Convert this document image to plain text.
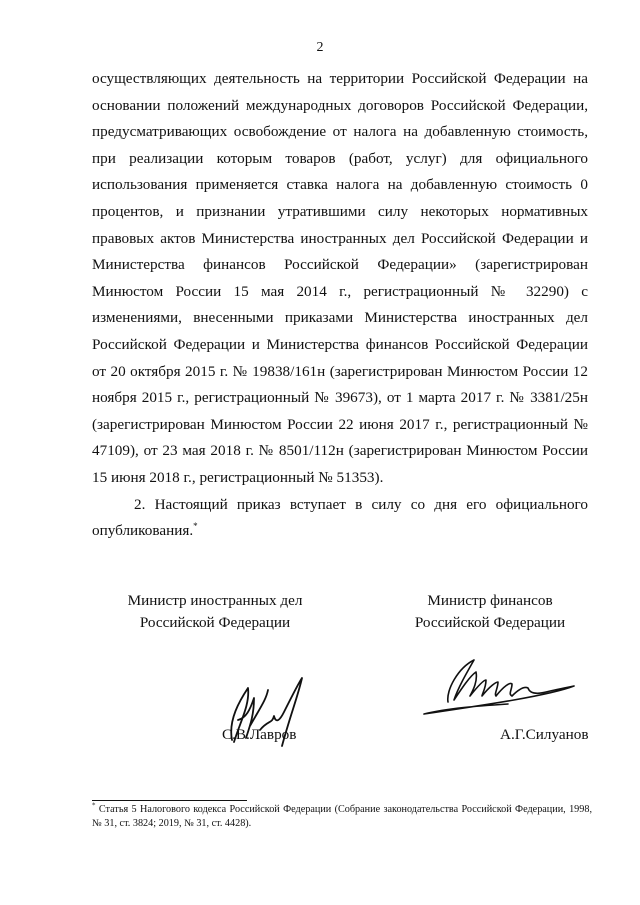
2

осуществляющих деятельность на территории Российской Федерации на основании положений международных договоров Российской Федерации, предусматривающих освобождение от налога на добавленную стоимость, при реализации которым товаров (работ, услуг) для официального использования применяется ставка налога на добавленную стоимость 0 процентов, и признании утратившими силу некоторых нормативных правовых актов Министерства иностранных дел Российской Федерации и Министерства финансов Российской Федерации» (зарегистрирован Минюстом России 15 мая 2014 г., регистрационный № 32290) с изменениями, внесенными приказами Министерства иностранных дел Российской Федерации и Министерства финансов Российской Федерации от 20 октября 2015 г. № 19838/161н (зарегистрирован Минюстом России 12 ноября 2015 г., регистрационный № 39673), от 1 марта 2017 г. № 3381/25н (зарегистрирован Минюстом России 22 июня 2017 г., регистрационный № 47109), от 23 мая 2018 г. № 8501/112н (зарегистрирован Минюстом России 15 июня 2018 г., регистрационный № 51353).

2. Настоящий приказ вступает в силу со дня его официального опубликования.*

Министр иностранных дел
Российской Федерации
Министр финансов
Российской Федерации
С.В.Лавров	А.Г.Силуанов
* Статья 5 Налогового кодекса Российской Федерации (Собрание законодательства Российской Федерации, 1998, № 31, ст. 3824; 2019, № 31, ст. 4428).
